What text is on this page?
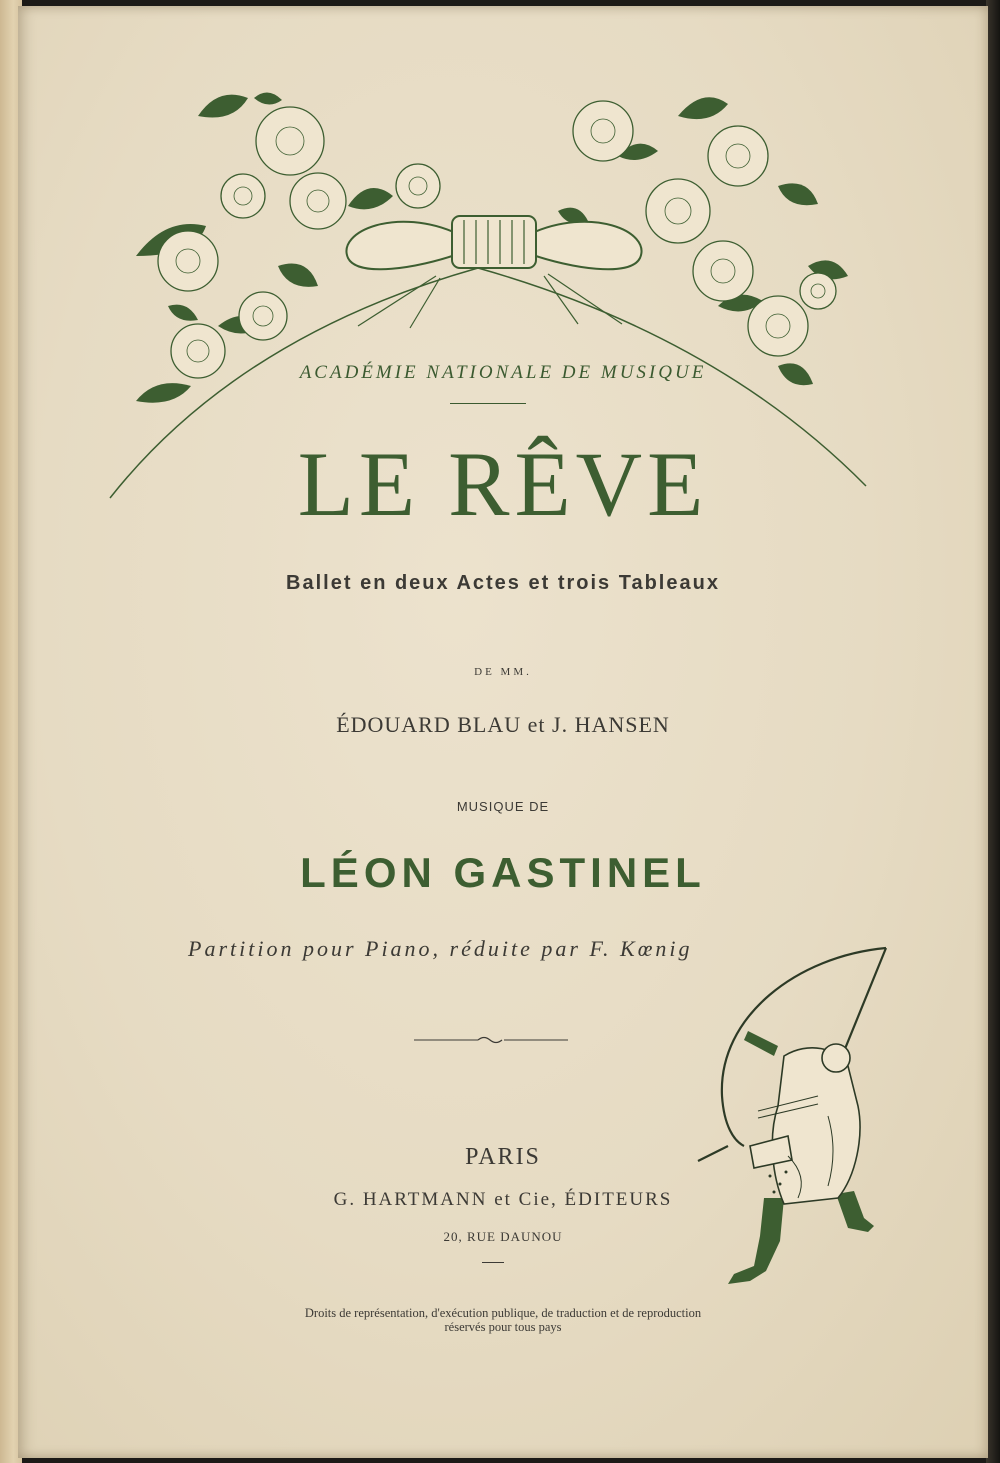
ACADÉMIE NATIONALE DE MUSIQUE

LE RÊVE

Ballet en deux Actes et trois Tableaux

DE MM.

ÉDOUARD BLAU et J. HANSEN

MUSIQUE DE

LÉON GASTINEL

Partition pour Piano, réduite par F. Kœnig

PARIS

G. HARTMANN et Cie, ÉDITEURS

20, RUE DAUNOU

Droits de représentation, d'exécution publique, de traduction et de reproduction
réservés pour tous pays
